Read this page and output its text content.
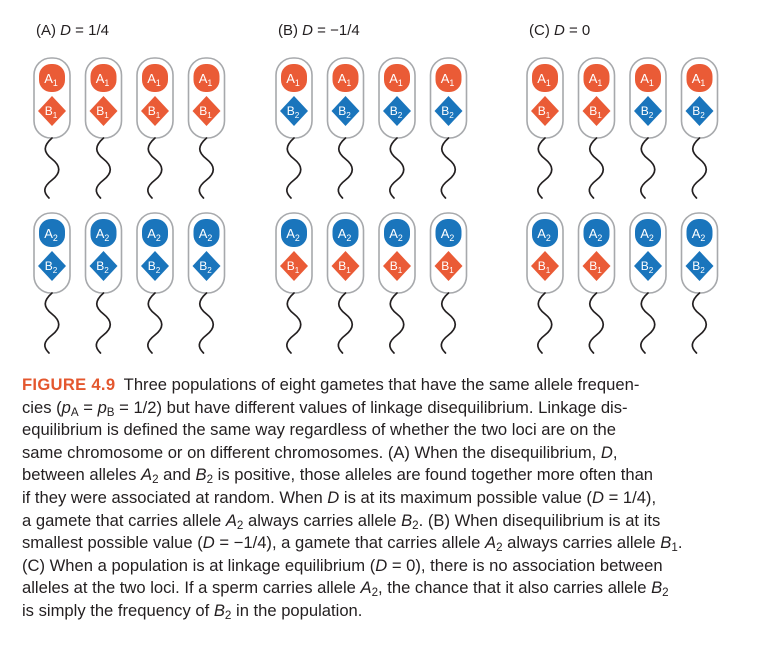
(A) D = 1/4
$A_1$
$B_1$
$A_1$
$B_1$
$A_1$
$B_1$
$A_1$
$B_1$
$A_2$
$B_2$
$A_2$
$B_2$
$A_2$
$B_2$
$A_2$
$B_2$
(B) D = −1/4
$A_1$
$B_2$
$A_1$
$B_2$
$A_1$
$B_2$
$A_1$
$B_2$
$A_2$
$B_1$
$A_2$
$B_1$
$A_2$
$B_1$
$A_2$
$B_1$
(C) D = 0
$A_1$
$B_1$
$A_1$
$B_1$
$A_1$
$B_2$
$A_1$
$B_2$
$A_2$
$B_1$
$A_2$
$B_1$
$A_2$
$B_2$
$A_2$
$B_2$

FIGURE 4.9 Three populations of eight gametes that have the same allele frequen-
cies $(p_A = p_B = 1/2)$ but have different values of linkage disequilibrium. Linkage dis-
equilibrium is defined the same way regardless of whether the two loci are on the
same chromosome or on different chromosomes. (A) When the disequilibrium, D,
between alleles $A_2$ and $B_2$ is positive, those alleles are found together more often than
if they were associated at random. When D is at its maximum possible value (D = 1/4),
a gamete that carries allele $A_2$ always carries allele $B_2$. (B) When disequilibrium is at its
smallest possible value (D = −1/4), a gamete that carries allele $A_2$ always carries allele $B_1$.
(C) When a population is at linkage equilibrium (D = 0), there is no association between
alleles at the two loci. If a sperm carries allele $A_2$, the chance that it also carries allele $B_2$
is simply the frequency of $B_2$ in the population.
